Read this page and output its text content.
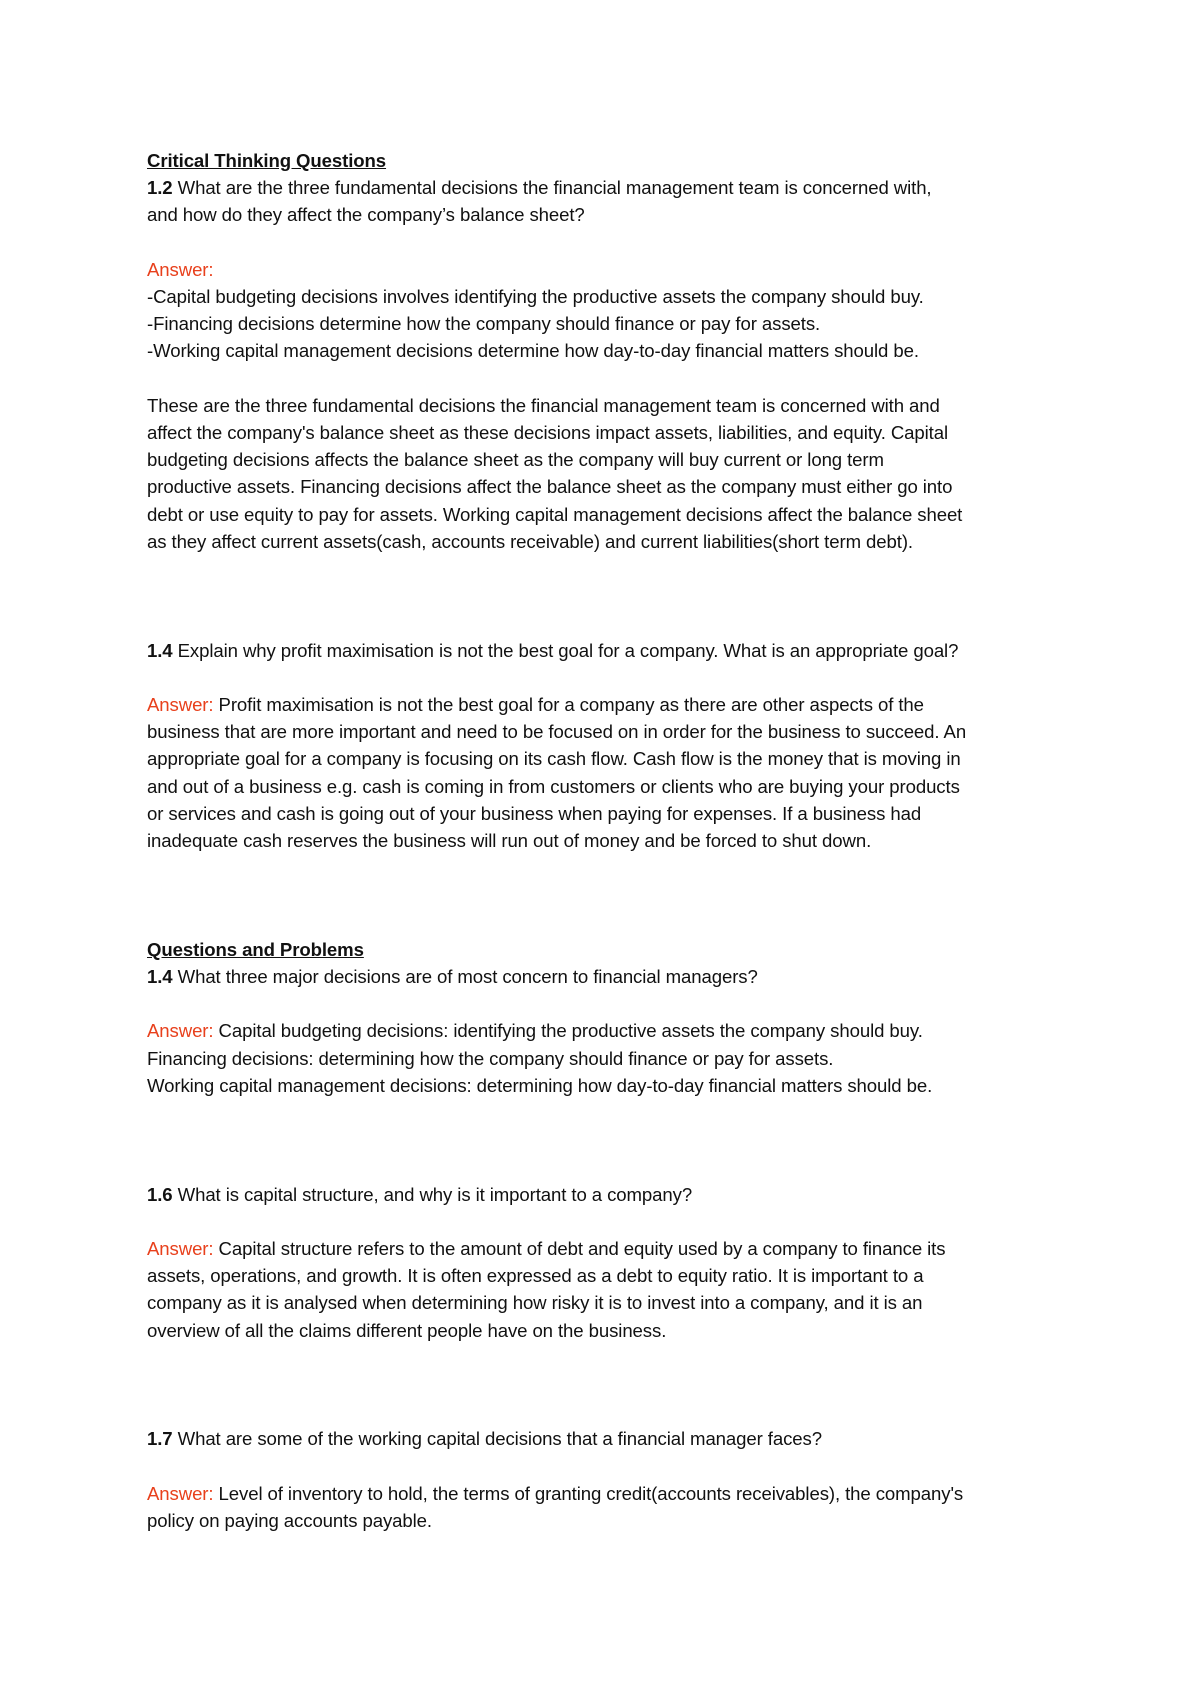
Critical Thinking Questions
1.2 What are the three fundamental decisions the financial management team is concerned with,
and how do they affect the company’s balance sheet?
Answer:
-Capital budgeting decisions involves identifying the productive assets the company should buy.
-Financing decisions determine how the company should finance or pay for assets.
-Working capital management decisions determine how day-to-day financial matters should be.
These are the three fundamental decisions the financial management team is concerned with and
affect the company's balance sheet as these decisions impact assets, liabilities, and equity. Capital
budgeting decisions affects the balance sheet as the company will buy current or long term
productive assets. Financing decisions affect the balance sheet as the company must either go into
debt or use equity to pay for assets. Working capital management decisions affect the balance sheet
as they affect current assets(cash, accounts receivable) and current liabilities(short term debt).
1.4 Explain why profit maximisation is not the best goal for a company. What is an appropriate goal?
Answer: Profit maximisation is not the best goal for a company as there are other aspects of the
business that are more important and need to be focused on in order for the business to succeed. An
appropriate goal for a company is focusing on its cash flow. Cash flow is the money that is moving in
and out of a business e.g. cash is coming in from customers or clients who are buying your products
or services and cash is going out of your business when paying for expenses. If a business had
inadequate cash reserves the business will run out of money and be forced to shut down.
Questions and Problems
1.4 What three major decisions are of most concern to financial managers?
Answer: Capital budgeting decisions: identifying the productive assets the company should buy.
Financing decisions: determining how the company should finance or pay for assets.
Working capital management decisions: determining how day-to-day financial matters should be.
1.6 What is capital structure, and why is it important to a company?
Answer: Capital structure refers to the amount of debt and equity used by a company to finance its
assets, operations, and growth. It is often expressed as a debt to equity ratio. It is important to a
company as it is analysed when determining how risky it is to invest into a company, and it is an
overview of all the claims different people have on the business.
1.7 What are some of the working capital decisions that a financial manager faces?
Answer: Level of inventory to hold, the terms of granting credit(accounts receivables), the company's
policy on paying accounts payable.
